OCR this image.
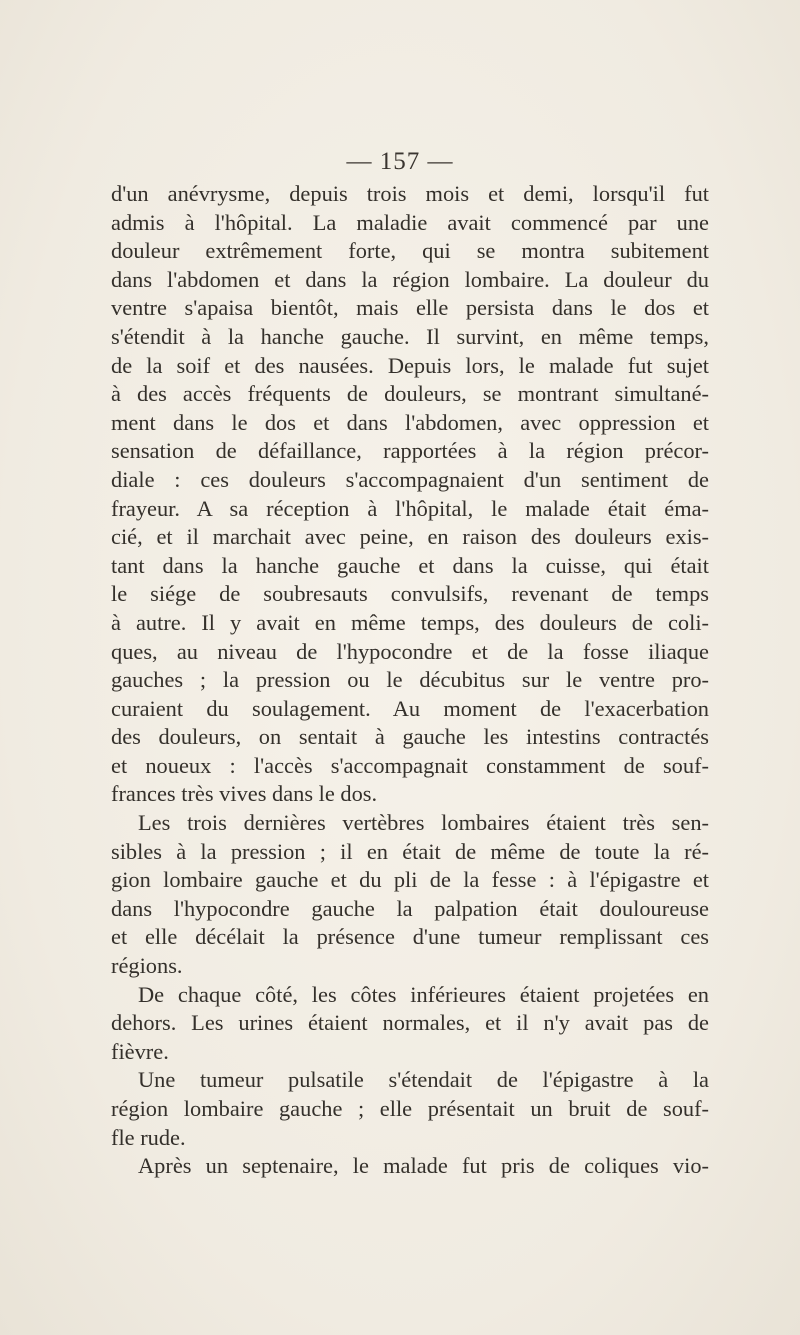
— 157 —
d'un anévrysme, depuis trois mois et demi, lorsqu'il fut
admis à l'hôpital. La maladie avait commencé par une
douleur extrêmement forte, qui se montra subitement
dans l'abdomen et dans la région lombaire. La douleur du
ventre s'apaisa bientôt, mais elle persista dans le dos et
s'étendit à la hanche gauche. Il survint, en même temps,
de la soif et des nausées. Depuis lors, le malade fut sujet
à des accès fréquents de douleurs, se montrant simultané-
ment dans le dos et dans l'abdomen, avec oppression et
sensation de défaillance, rapportées à la région précor-
diale : ces douleurs s'accompagnaient d'un sentiment de
frayeur. A sa réception à l'hôpital, le malade était éma-
cié, et il marchait avec peine, en raison des douleurs exis-
tant dans la hanche gauche et dans la cuisse, qui était
le siége de soubresauts convulsifs, revenant de temps
à autre. Il y avait en même temps, des douleurs de coli-
ques, au niveau de l'hypocondre et de la fosse iliaque
gauches ; la pression ou le décubitus sur le ventre pro-
curaient du soulagement. Au moment de l'exacerbation
des douleurs, on sentait à gauche les intestins contractés
et noueux : l'accès s'accompagnait constamment de souf-
frances très vives dans le dos.
Les trois dernières vertèbres lombaires étaient très sen-
sibles à la pression ; il en était de même de toute la ré-
gion lombaire gauche et du pli de la fesse : à l'épigastre et
dans l'hypocondre gauche la palpation était douloureuse
et elle décélait la présence d'une tumeur remplissant ces
régions.
De chaque côté, les côtes inférieures étaient projetées en
dehors. Les urines étaient normales, et il n'y avait pas de
fièvre.
Une tumeur pulsatile s'étendait de l'épigastre à la
région lombaire gauche ; elle présentait un bruit de souf-
fle rude.
Après un septenaire, le malade fut pris de coliques vio-
